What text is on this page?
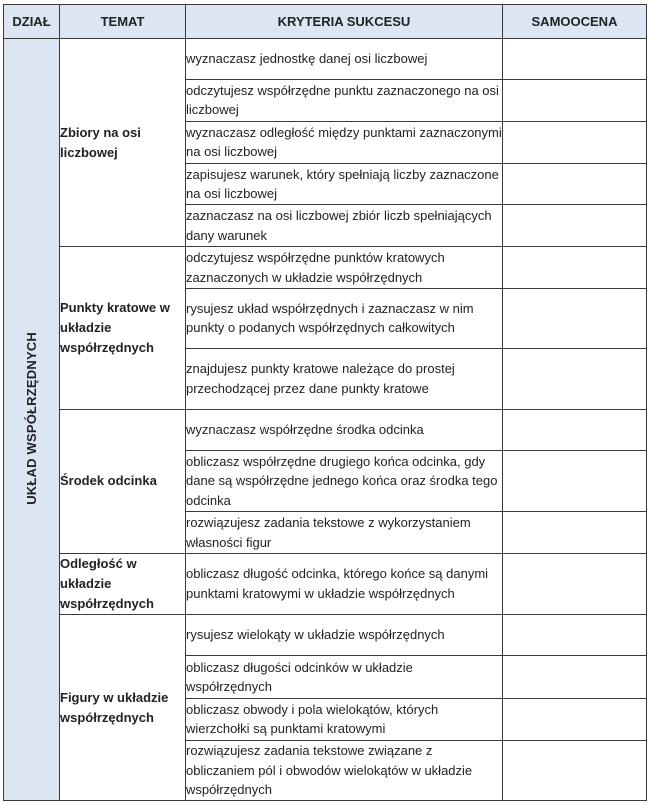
DZIAŁ	TEMAT	KRYTERIA SUKCESU	SAMOOCENA
UKŁAD WSPÓŁRZĘDNYCH	Zbiory na osi liczbowej	wyznaczasz jednostkę danej osi liczbowej	
		odczytujesz współrzędne punktu zaznaczonego na osi liczbowej	
		wyznaczasz odległość między punktami zaznaczonymi na osi liczbowej	
		zapisujesz warunek, który spełniają liczby zaznaczone na osi liczbowej	
		zaznaczasz na osi liczbowej zbiór liczb spełniających dany warunek	
	Punkty kratowe w układzie współrzędnych	odczytujesz współrzędne punktów kratowych zaznaczonych w układzie współrzędnych	
		rysujesz układ współrzędnych i zaznaczasz w nim punkty o podanych współrzędnych całkowitych	
		znajdujesz punkty kratowe należące do prostej przechodzącej przez dane punkty kratowe	
	Środek odcinka	wyznaczasz współrzędne środka odcinka	
		obliczasz współrzędne drugiego końca odcinka, gdy dane są współrzędne jednego końca oraz środka tego odcinka	
		rozwiązujesz zadania tekstowe z wykorzystaniem własności figur	
	Odległość w układzie współrzędnych	obliczasz długość odcinka, którego końce są danymi punktami kratowymi w układzie współrzędnych	
	Figury w układzie współrzędnych	rysujesz wielokąty w układzie współrzędnych	
		obliczasz długości odcinków w układzie współrzędnych	
		obliczasz obwody i pola wielokątów, których wierzchołki są punktami kratowymi	
		rozwiązujesz zadania tekstowe związane z obliczaniem pól i obwodów wielokątów w układzie współrzędnych	
